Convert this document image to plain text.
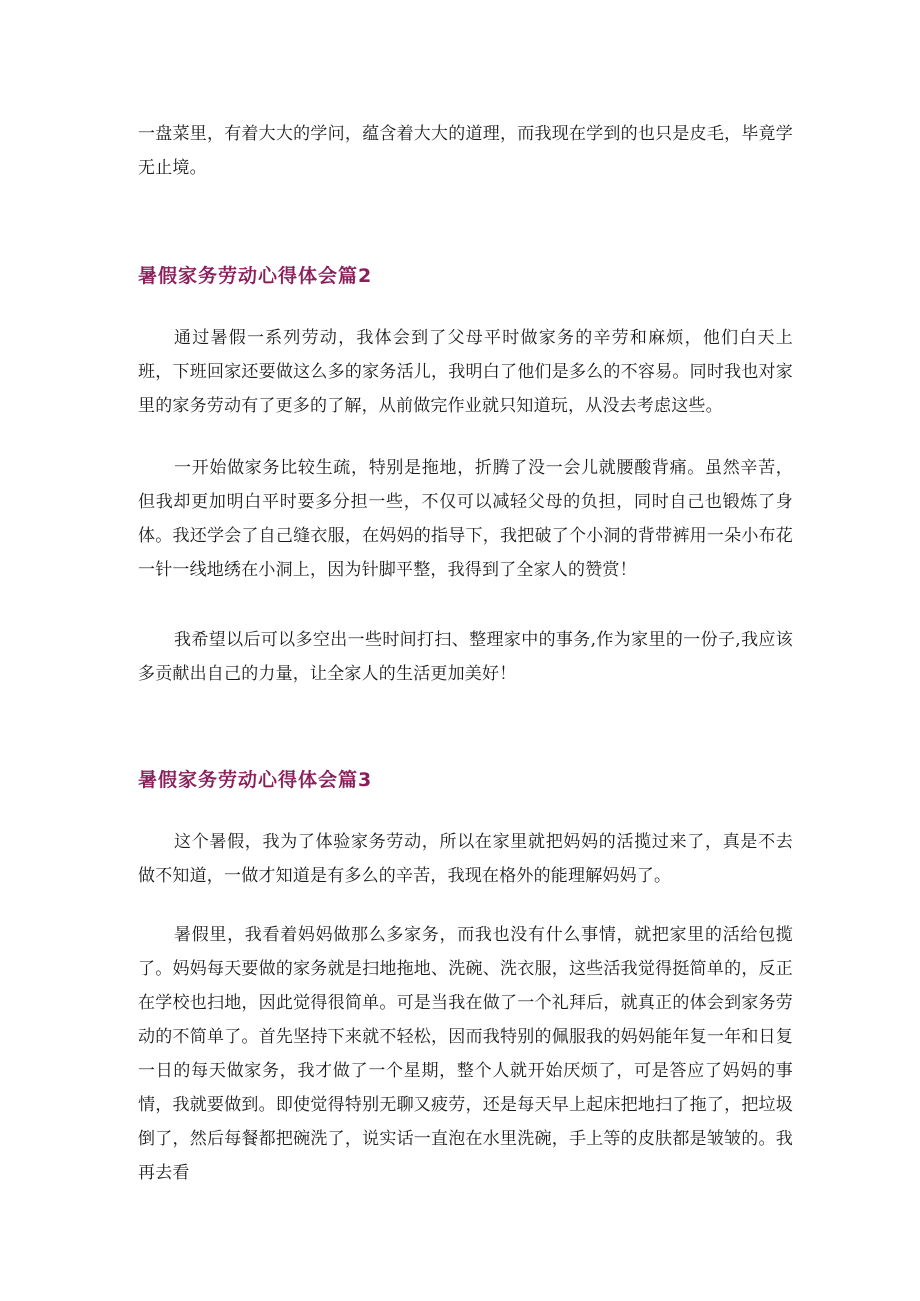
一盘菜里，有着大大的学问，蕴含着大大的道理，而我现在学到的也只是皮毛，毕竟学无止境。

暑假家务劳动心得体会篇2

通过暑假一系列劳动，我体会到了父母平时做家务的辛劳和麻烦，他们白天上班，下班回家还要做这么多的家务活儿，我明白了他们是多么的不容易。同时我也对家里的家务劳动有了更多的了解，从前做完作业就只知道玩，从没去考虑这些。

一开始做家务比较生疏，特别是拖地，折腾了没一会儿就腰酸背痛。虽然辛苦，但我却更加明白平时要多分担一些，不仅可以减轻父母的负担，同时自己也锻炼了身体。我还学会了自己缝衣服，在妈妈的指导下，我把破了个小洞的背带裤用一朵小布花一针一线地绣在小洞上，因为针脚平整，我得到了全家人的赞赏！

我希望以后可以多空出一些时间打扫、整理家中的事务,作为家里的一份子,我应该多贡献出自己的力量，让全家人的生活更加美好！

暑假家务劳动心得体会篇3

这个暑假，我为了体验家务劳动，所以在家里就把妈妈的活揽过来了，真是不去做不知道，一做才知道是有多么的辛苦，我现在格外的能理解妈妈了。

暑假里，我看着妈妈做那么多家务，而我也没有什么事情，就把家里的活给包揽了。妈妈每天要做的家务就是扫地拖地、洗碗、洗衣服，这些活我觉得挺简单的，反正在学校也扫地，因此觉得很简单。可是当我在做了一个礼拜后，就真正的体会到家务劳动的不简单了。首先坚持下来就不轻松，因而我特别的佩服我的妈妈能年复一年和日复一日的每天做家务，我才做了一个星期，整个人就开始厌烦了，可是答应了妈妈的事情，我就要做到。即使觉得特别无聊又疲劳，还是每天早上起床把地扫了拖了，把垃圾倒了，然后每餐都把碗洗了，说实话一直泡在水里洗碗，手上等的皮肤都是皱皱的。我再去看
